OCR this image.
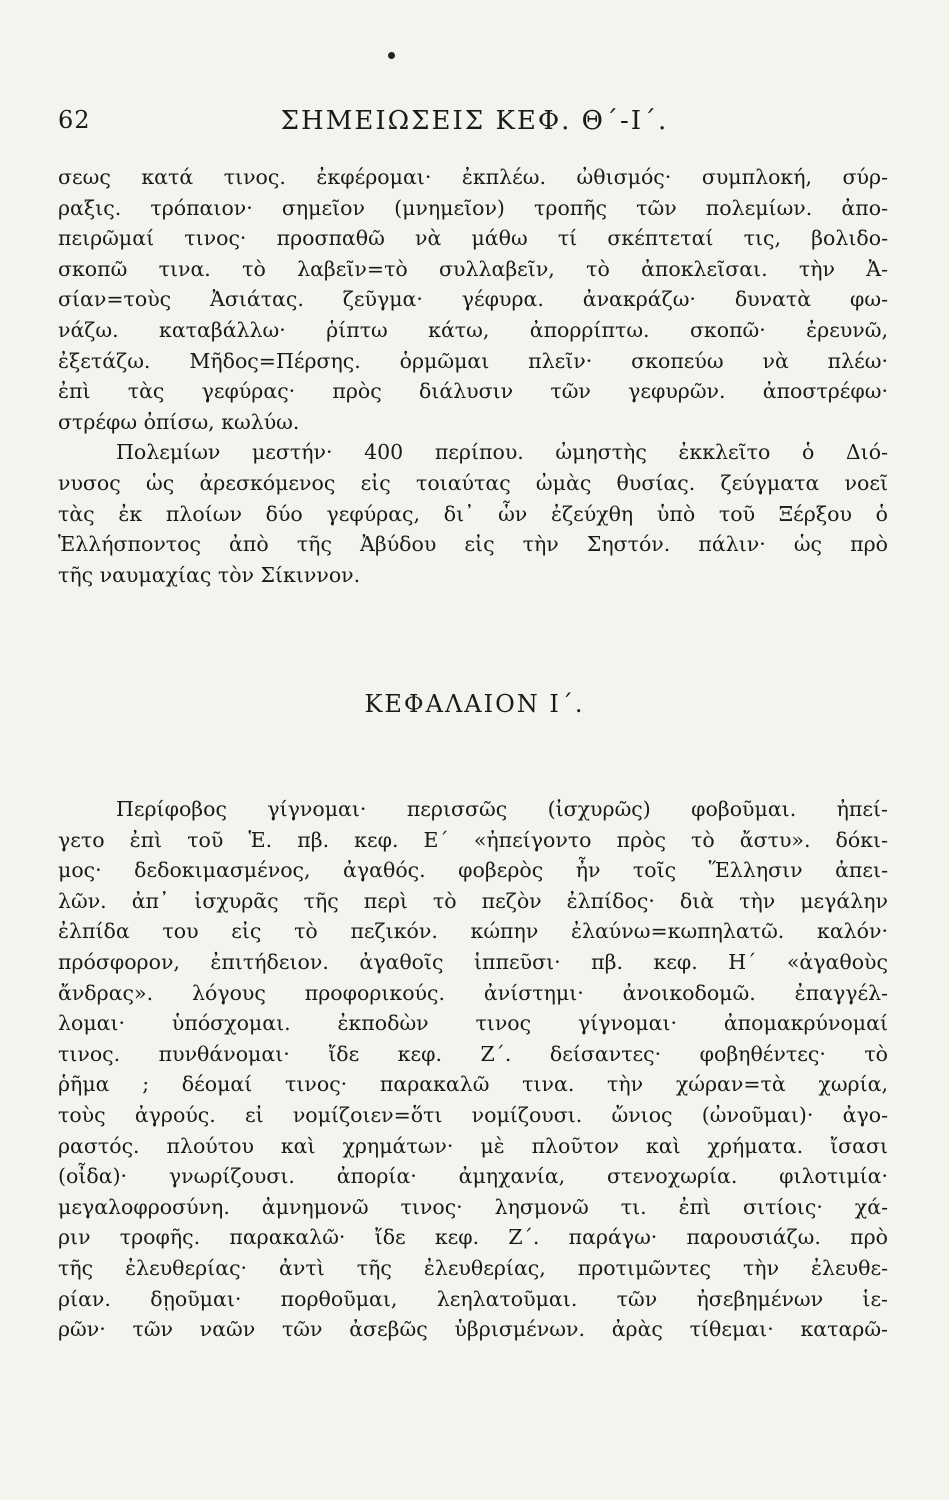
62	ΣΗΜΕΙΩΣΕΙΣ ΚΕΦ. Θ΄-Ι΄.
σεως κατά τινος. ἐκφέρομαι· ἐκπλέω. ὠθισμός· συμπλοκή, σύρ-
ραξις. τρόπαιον· σημεῖον (μνημεῖον) τροπῆς τῶν πολεμίων. ἀπο-
πειρῶμαί τινος· προσπαθῶ νὰ μάθω τί σκέπτεταί τις, βολιδο-
σκοπῶ τινα. τὸ λαβεῖν=τὸ συλλαβεῖν, τὸ ἀποκλεῖσαι. τὴν Ἀ-
σίαν=τοὺς Ἀσιάτας. ζεῦγμα· γέφυρα. ἀνακράζω· δυνατὰ φω-
νάζω. καταβάλλω· ῥίπτω κάτω, ἀπορρίπτω. σκοπῶ· ἐρευνῶ,
ἐξετάζω. Μῆδος=Πέρσης. ὁρμῶμαι πλεῖν· σκοπεύω νὰ πλέω·
ἐπὶ τὰς γεφύρας· πρὸς διάλυσιν τῶν γεφυρῶν. ἀποστρέφω·
στρέφω ὀπίσω, κωλύω.
Πολεμίων μεστήν· 400 περίπου. ὠμηστὴς ἐκκλεῖτο ὁ Διό-
νυσος ὡς ἀρεσκόμενος εἰς τοιαύτας ὠμὰς θυσίας. ζεύγματα νοεῖ
τὰς ἐκ πλοίων δύο γεφύρας, δι᾽ ὧν ἐζεύχθη ὑπὸ τοῦ Ξέρξου ὁ
Ἑλλήσποντος ἀπὸ τῆς Ἀβύδου εἰς τὴν Σηστόν. πάλιν· ὡς πρὸ
τῆς ναυμαχίας τὸν Σίκιννον.
ΚΕΦΑΛΑΙΟΝ Ι΄.
Περίφοβος γίγνομαι· περισσῶς (ἰσχυρῶς) φοβοῦμαι. ἠπεί-
γετο ἐπὶ τοῦ Ἑ. πβ. κεφ. Ε΄ «ἠπείγοντο πρὸς τὸ ἄστυ». δόκι-
μος· δεδοκιμασμένος, ἀγαθός. φοβερὸς ἦν τοῖς Ἕλλησιν ἀπει-
λῶν. ἀπ᾽ ἰσχυρᾶς τῆς περὶ τὸ πεζὸν ἐλπίδος· διὰ τὴν μεγάλην
ἐλπίδα του εἰς τὸ πεζικόν. κώπην ἐλαύνω=κωπηλατῶ. καλόν·
πρόσφορον, ἐπιτήδειον. ἀγαθοῖς ἱππεῦσι· πβ. κεφ. Η΄ «ἀγαθοὺς
ἄνδρας». λόγους προφορικούς. ἀνίστημι· ἀνοικοδομῶ. ἐπαγγέλ-
λομαι· ὑπόσχομαι. ἐκποδὼν τινος γίγνομαι· ἀπομακρύνομαί
τινος. πυνθάνομαι· ἴδε κεφ. Ζ΄. δείσαντες· φοβηθέντες· τὸ
ῥῆμα ; δέομαί τινος· παρακαλῶ τινα. τὴν χώραν=τὰ χωρία,
τοὺς ἀγρούς. εἰ νομίζοιεν=ὅτι νομίζουσι. ὤνιος (ὠνοῦμαι)· ἀγο-
ραστός. πλούτου καὶ χρημάτων· μὲ πλοῦτον καὶ χρήματα. ἴσασι
(οἶδα)· γνωρίζουσι. ἀπορία· ἀμηχανία, στενοχωρία. φιλοτιμία·
μεγαλοφροσύνη. ἀμνημονῶ τινος· λησμονῶ τι. ἐπὶ σιτίοις· χά-
ριν τροφῆς. παρακαλῶ· ἴδε κεφ. Ζ΄. παράγω· παρουσιάζω. πρὸ
τῆς ἐλευθερίας· ἀντὶ τῆς ἐλευθερίας, προτιμῶντες τὴν ἐλευθε-
ρίαν. δῃοῦμαι· πορθοῦμαι, λεηλατοῦμαι. τῶν ἠσεβημένων ἱε-
ρῶν· τῶν ναῶν τῶν ἀσεβῶς ὑβρισμένων. ἀρὰς τίθεμαι· καταρῶ-
